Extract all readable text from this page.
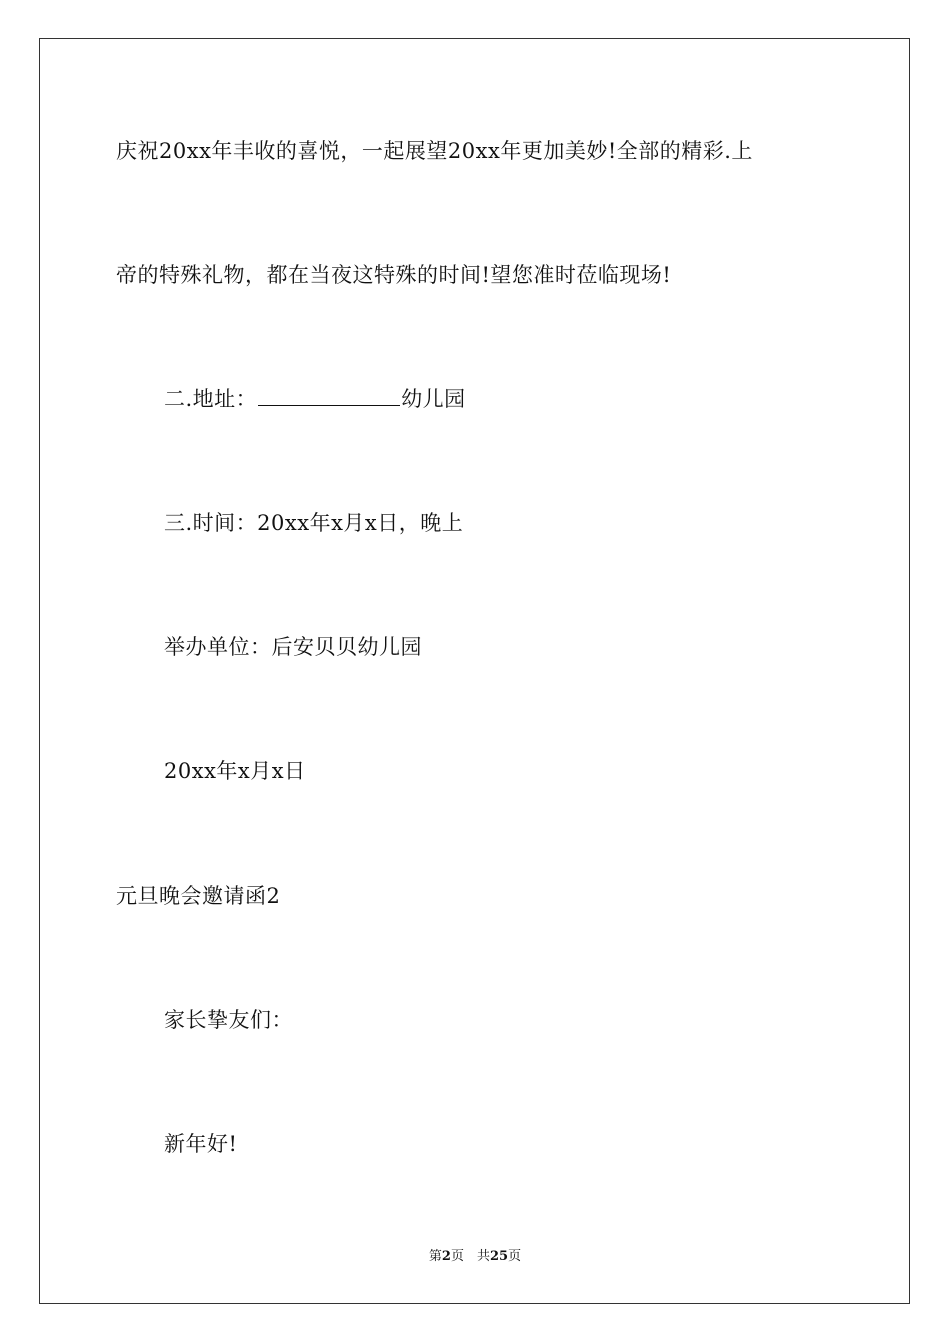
庆祝20xx年丰收的喜悦，一起展望20xx年更加美妙!全部的精彩.上
帝的特殊礼物，都在当夜这特殊的时间!望您准时莅临现场!
二.地址：	幼儿园
三.时间：20xx年x月x日，晚上
举办单位：后安贝贝幼儿园
20xx年x月x日
元旦晚会邀请函2
家长挚友们：
新年好!
第2页　共25页
